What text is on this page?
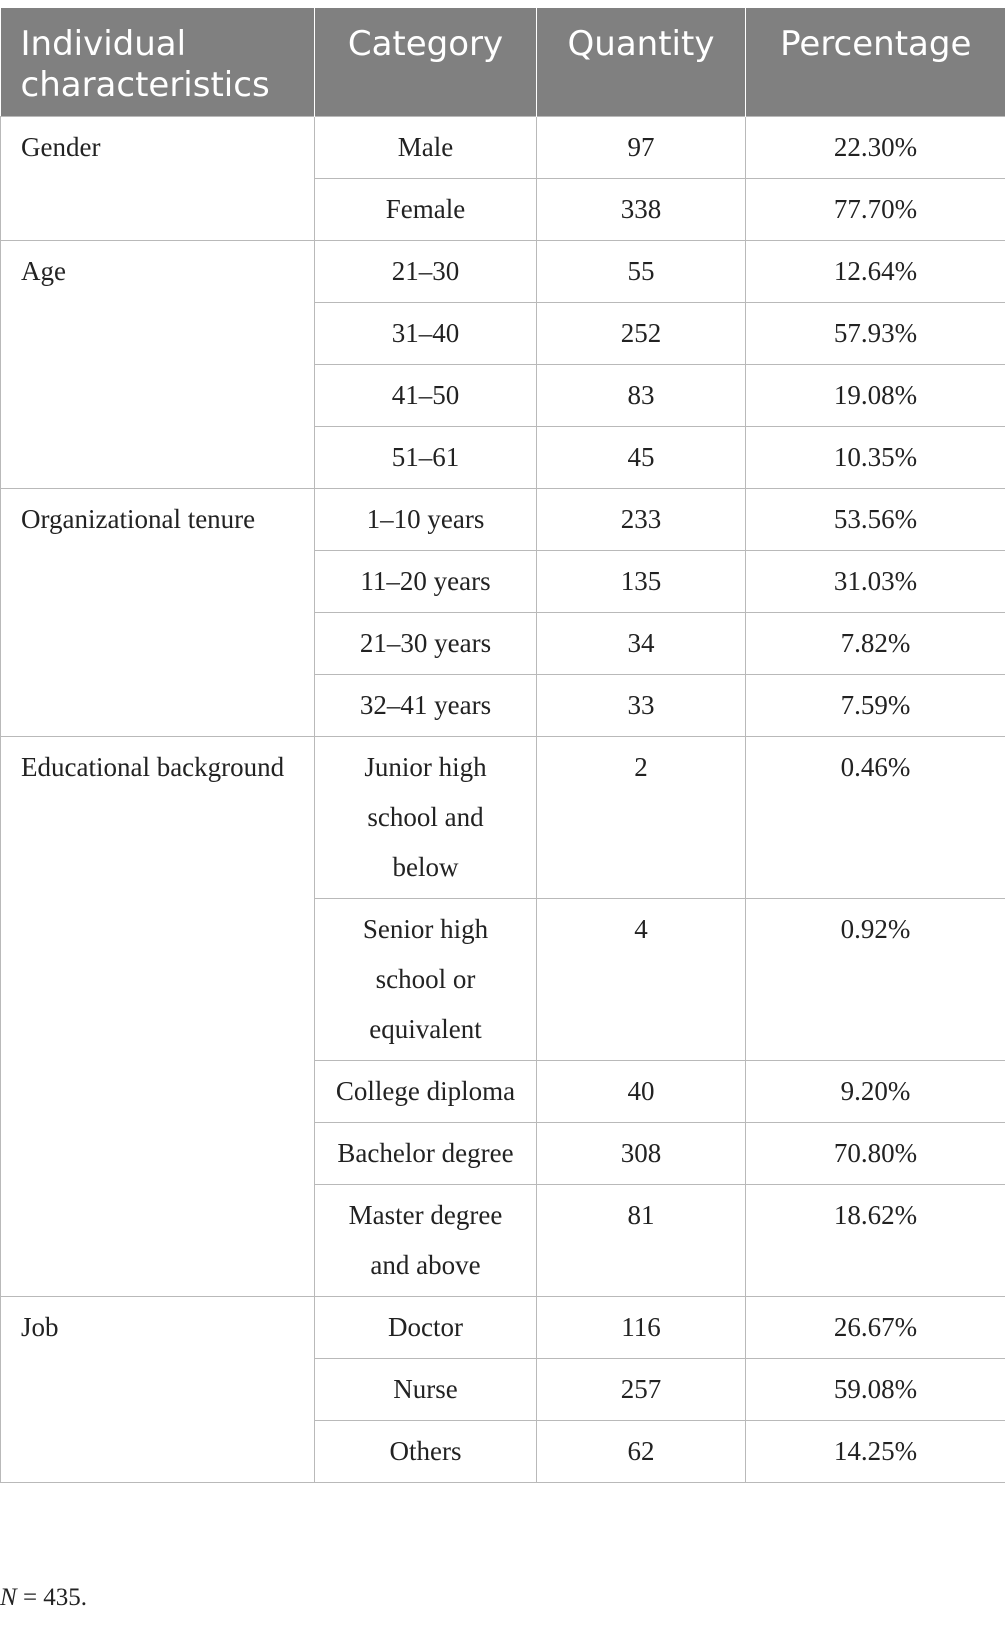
Individual characteristics	Category	Quantity	Percentage
Gender	Male	97	22.30%
	Female	338	77.70%
Age	21–30	55	12.64%
	31–40	252	57.93%
	41–50	83	19.08%
	51–61	45	10.35%
Organizational tenure	1–10 years	233	53.56%
	11–20 years	135	31.03%
	21–30 years	34	7.82%
	32–41 years	33	7.59%
Educational background	Junior high school and below	2	0.46%
	Senior high school or equivalent	4	0.92%
	College diploma	40	9.20%
	Bachelor degree	308	70.80%
	Master degree and above	81	18.62%
Job	Doctor	116	26.67%
	Nurse	257	59.08%
	Others	62	14.25%
N = 435.
